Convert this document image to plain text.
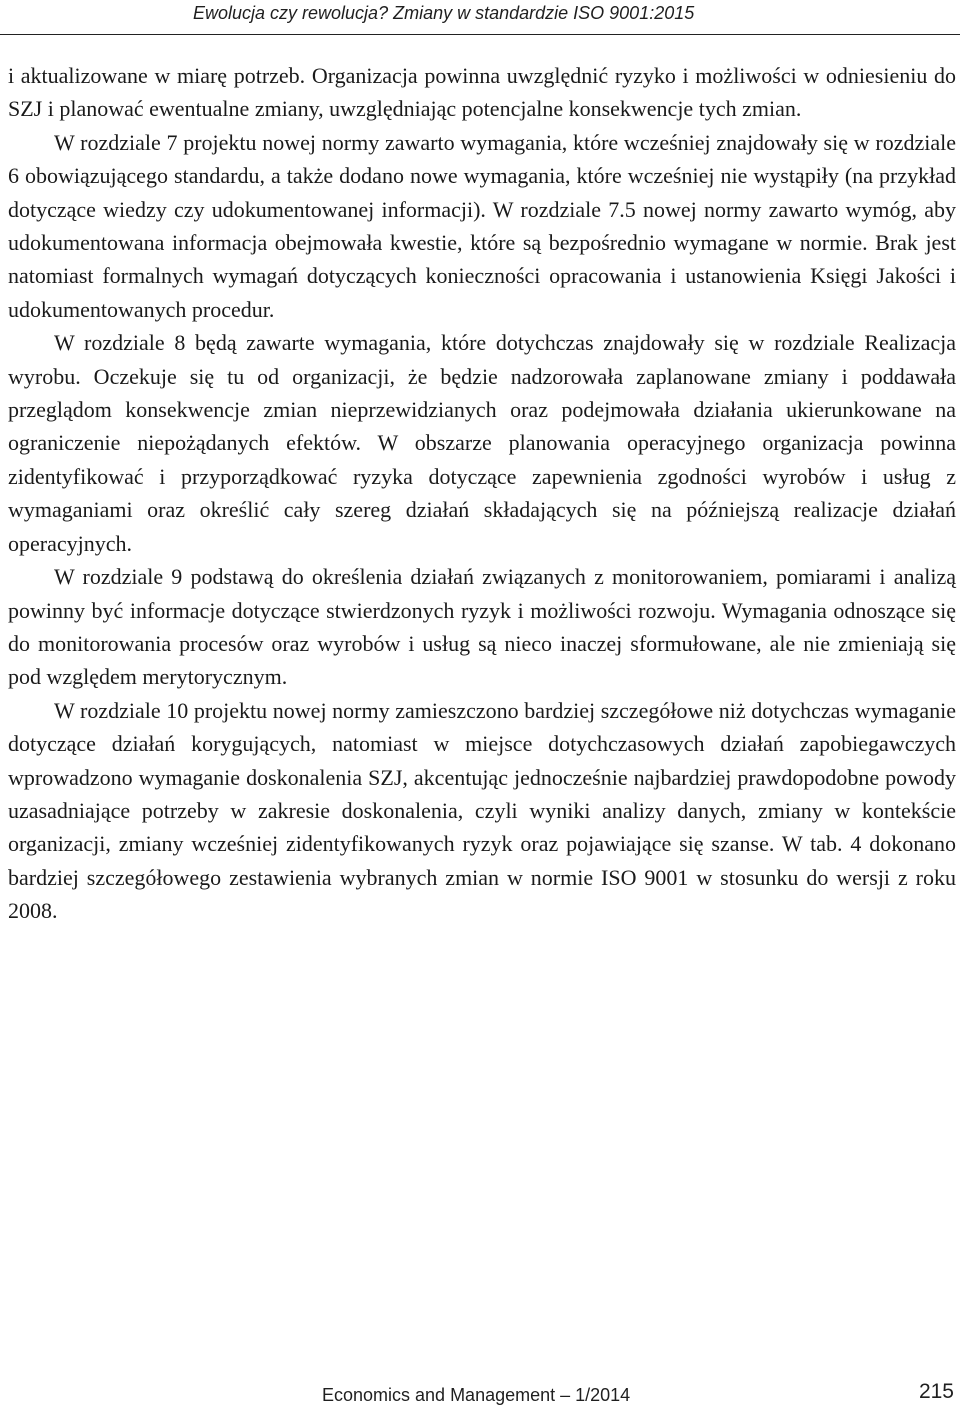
Ewolucja czy rewolucja? Zmiany w standardzie ISO 9001:2015

i aktualizowane w miarę potrzeb. Organizacja powinna uwzględnić ryzyko i możliwości w odniesieniu do SZJ i planować ewentualne zmiany, uwzględniając potencjalne konsekwencje tych zmian.

W rozdziale 7 projektu nowej normy zawarto wymagania, które wcześniej znajdowały się w rozdziale 6 obowiązującego standardu, a także dodano nowe wymagania, które wcześniej nie wystąpiły (na przykład dotyczące wiedzy czy udokumentowanej informacji). W rozdziale 7.5 nowej normy zawarto wymóg, aby udokumentowana informacja obejmowała kwestie, które są bezpośrednio wymagane w normie. Brak jest natomiast formalnych wymagań dotyczących konieczności opracowania i ustanowienia Księgi Jakości i udokumentowanych procedur.

W rozdziale 8 będą zawarte wymagania, które dotychczas znajdowały się w rozdziale Realizacja wyrobu. Oczekuje się tu od organizacji, że będzie nadzorowała zaplanowane zmiany i poddawała przeglądom konsekwencje zmian nieprzewidzianych oraz podejmowała działania ukierunkowane na ograniczenie niepożądanych efektów. W obszarze planowania operacyjnego organizacja powinna zidentyfikować i przyporządkować ryzyka dotyczące zapewnienia zgodności wyrobów i usług z wymaganiami oraz określić cały szereg działań składających się na późniejszą realizacje działań operacyjnych.

W rozdziale 9 podstawą do określenia działań związanych z monitorowaniem, pomiarami i analizą powinny być informacje dotyczące stwierdzonych ryzyk i możliwości rozwoju. Wymagania odnoszące się do monitorowania procesów oraz wyrobów i usług są nieco inaczej sformułowane, ale nie zmieniają się pod względem merytorycznym.

W rozdziale 10 projektu nowej normy zamieszczono bardziej szczegółowe niż dotychczas wymaganie dotyczące działań korygujących, natomiast w miejsce dotychczasowych działań zapobiegawczych wprowadzono wymaganie doskonalenia SZJ, akcentując jednocześnie najbardziej prawdopodobne powody uzasadniające potrzeby w zakresie doskonalenia, czyli wyniki analizy danych, zmiany w kontekście organizacji, zmiany wcześniej zidentyfikowanych ryzyk oraz pojawiające się szanse. W tab. 4 dokonano bardziej szczegółowego zestawienia wybranych zmian w normie ISO 9001 w stosunku do wersji z roku 2008.

Economics and Management – 1/2014	215
